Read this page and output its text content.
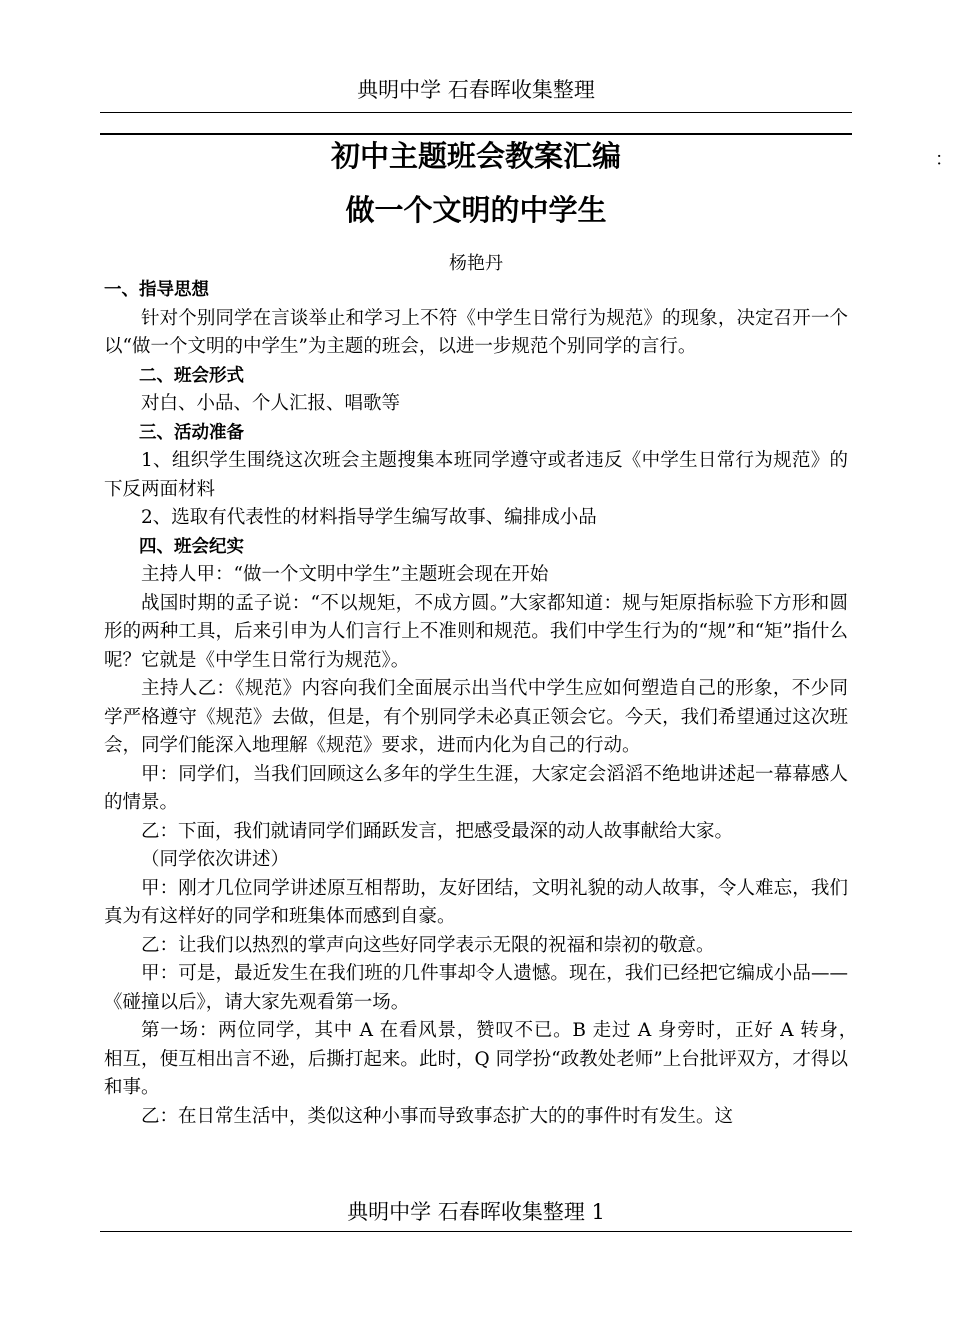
典明中学 石春晖收集整理
：
初中主题班会教案汇编
做一个文明的中学生
杨艳丹

一、指导思想

针对个别同学在言谈举止和学习上不符《中学生日常行为规范》的现象，决定召开一个以“做一个文明的中学生”为主题的班会，以进一步规范个别同学的言行。

二、班会形式

对白、小品、个人汇报、唱歌等

三、活动准备

1、组织学生围绕这次班会主题搜集本班同学遵守或者违反《中学生日常行为规范》的下反两面材料

2、选取有代表性的材料指导学生编写故事、编排成小品

四、班会纪实

主持人甲：“做一个文明中学生”主题班会现在开始

战国时期的孟子说：“不以规矩，不成方圆。”大家都知道：规与矩原指标验下方形和圆形的两种工具，后来引申为人们言行上不准则和规范。我们中学生行为的“规”和“矩”指什么呢？它就是《中学生日常行为规范》。

主持人乙：《规范》内容向我们全面展示出当代中学生应如何塑造自己的形象，不少同学严格遵守《规范》去做，但是，有个别同学未必真正领会它。今天，我们希望通过这次班会，同学们能深入地理解《规范》要求，进而内化为自己的行动。

甲：同学们，当我们回顾这么多年的学生生涯，大家定会滔滔不绝地讲述起一幕幕感人的情景。

乙：下面，我们就请同学们踊跃发言，把感受最深的动人故事献给大家。

（同学依次讲述）

甲：刚才几位同学讲述原互相帮助，友好团结，文明礼貌的动人故事，令人难忘，我们真为有这样好的同学和班集体而感到自豪。

乙：让我们以热烈的掌声向这些好同学表示无限的祝福和崇初的敬意。

甲：可是，最近发生在我们班的几件事却令人遗憾。现在，我们已经把它编成小品——《碰撞以后》，请大家先观看第一场。

第一场：两位同学，其中 A 在看风景，赞叹不已。B 走过 A 身旁时，正好 A 转身，　　相互，便互相出言不逊，后撕打起来。此时，Q 同学扮“政教处老师”上台批评双方，才得以和事。

乙：在日常生活中，类似这种小事而导致事态扩大的的事件时有发生。这

典明中学 石春晖收集整理 1
